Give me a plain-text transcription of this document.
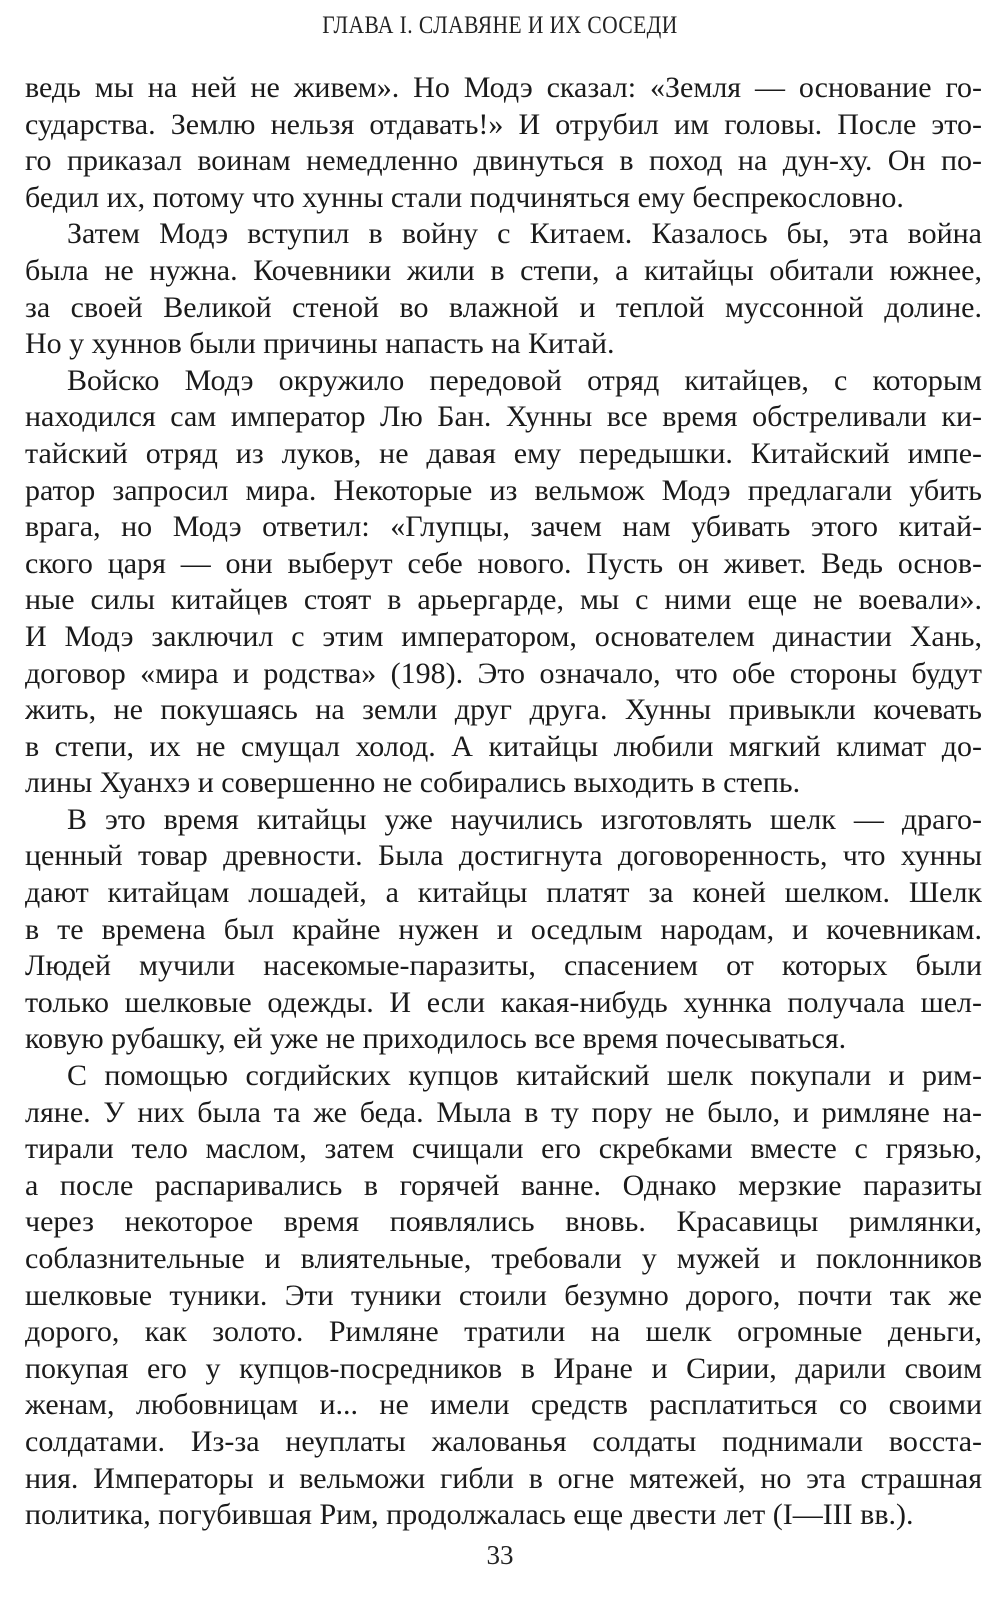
ГЛАВА I. СЛАВЯНЕ И ИХ СОСЕДИ
ведь мы на ней не живем». Но Модэ сказал: «Земля — основание го-
сударства. Землю нельзя отдавать!» И отрубил им головы. После это-
го приказал воинам немедленно двинуться в поход на дун-ху. Он по-
бедил их, потому что хунны стали подчиняться ему беспрекословно.
Затем Модэ вступил в войну с Китаем. Казалось бы, эта война
была не нужна. Кочевники жили в степи, а китайцы обитали южнее,
за своей Великой стеной во влажной и теплой муссонной долине.
Но у хуннов были причины напасть на Китай.
Войско Модэ окружило передовой отряд китайцев, с которым
находился сам император Лю Бан. Хунны все время обстреливали ки-
тайский отряд из луков, не давая ему передышки. Китайский импе-
ратор запросил мира. Некоторые из вельмож Модэ предлагали убить
врага, но Модэ ответил: «Глупцы, зачем нам убивать этого китай-
ского царя — они выберут себе нового. Пусть он живет. Ведь основ-
ные силы китайцев стоят в арьергарде, мы с ними еще не воевали».
И Модэ заключил с этим императором, основателем династии Хань,
договор «мира и родства» (198). Это означало, что обе стороны будут
жить, не покушаясь на земли друг друга. Хунны привыкли кочевать
в степи, их не смущал холод. А китайцы любили мягкий климат до-
лины Хуанхэ и совершенно не собирались выходить в степь.
В это время китайцы уже научились изготовлять шелк — драго-
ценный товар древности. Была достигнута договоренность, что хунны
дают китайцам лошадей, а китайцы платят за коней шелком. Шелк
в те времена был крайне нужен и оседлым народам, и кочевникам.
Людей мучили насекомые-паразиты, спасением от которых были
только шелковые одежды. И если какая-нибудь хуннка получала шел-
ковую рубашку, ей уже не приходилось все время почесываться.
С помощью согдийских купцов китайский шелк покупали и рим-
ляне. У них была та же беда. Мыла в ту пору не было, и римляне на-
тирали тело маслом, затем счищали его скребками вместе с грязью,
а после распаривались в горячей ванне. Однако мерзкие паразиты
через некоторое время появлялись вновь. Красавицы римлянки,
соблазнительные и влиятельные, требовали у мужей и поклонников
шелковые туники. Эти туники стоили безумно дорого, почти так же
дорого, как золото. Римляне тратили на шелк огромные деньги,
покупая его у купцов-посредников в Иране и Сирии, дарили своим
женам, любовницам и... не имели средств расплатиться со своими
солдатами. Из-за неуплаты жалованья солдаты поднимали восста-
ния. Императоры и вельможи гибли в огне мятежей, но эта страшная
политика, погубившая Рим, продолжалась еще двести лет (I—III вв.).
33
